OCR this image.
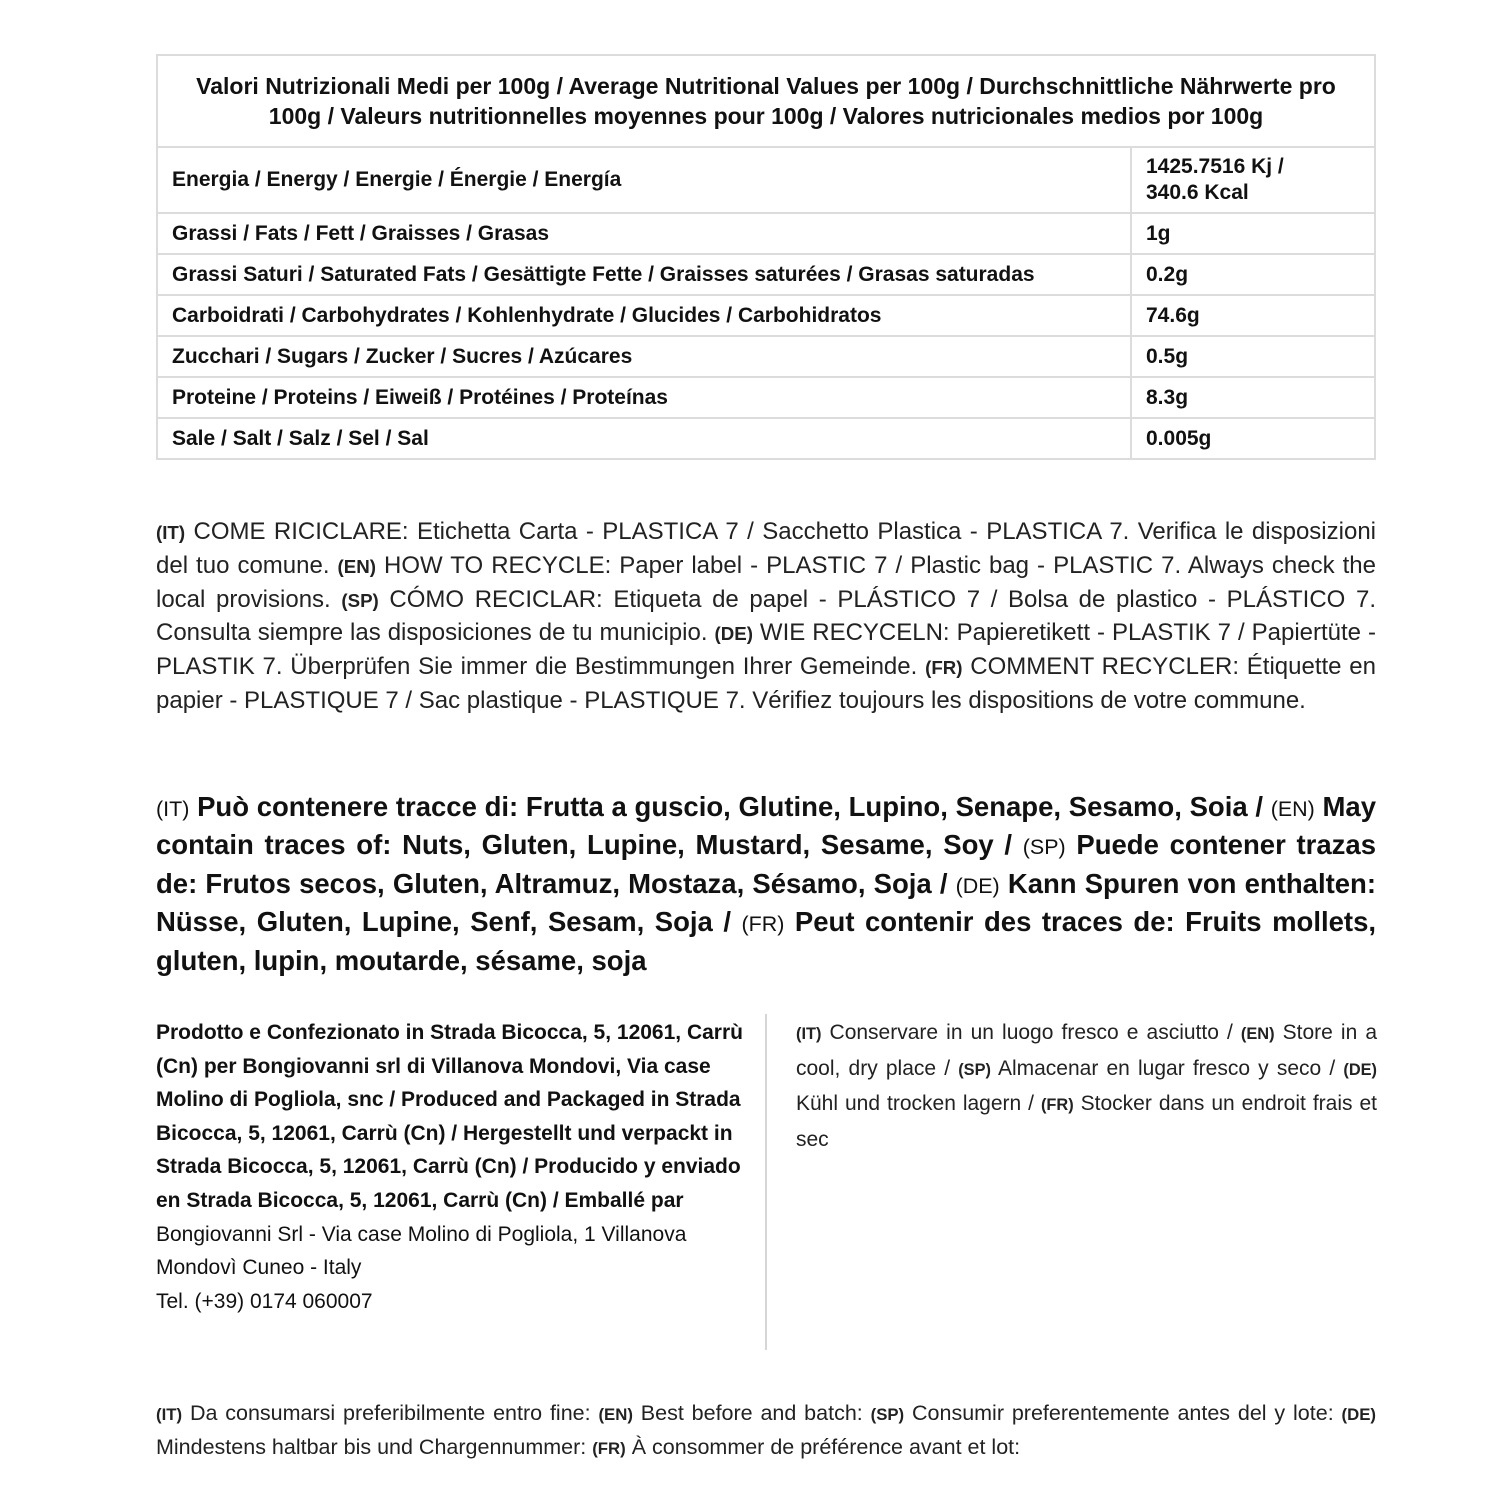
Valori Nutrizionali Medi per 100g / Average Nutritional Values per 100g / Durchschnittliche Nährwerte pro 100g / Valeurs nutritionnelles moyennes pour 100g / Valores nutricionales medios por 100g	
Energia / Energy / Energie / Énergie / Energía	1425.7516 Kj /
340.6 Kcal
Grassi / Fats / Fett / Graisses / Grasas	1g
Grassi Saturi / Saturated Fats / Gesättigte Fette / Graisses saturées / Grasas saturadas	0.2g
Carboidrati / Carbohydrates / Kohlenhydrate / Glucides / Carbohidratos	74.6g
Zucchari / Sugars / Zucker / Sucres / Azúcares	0.5g
Proteine / Proteins / Eiweiß / Protéines / Proteínas	8.3g
Sale / Salt / Salz / Sel / Sal	0.005g

(IT) COME RICICLARE: Etichetta Carta - PLASTICA 7 / Sacchetto Plastica - PLASTICA 7. Verifica le disposizioni del tuo comune. (EN) HOW TO RECYCLE: Paper label - PLASTIC 7 / Plastic bag - PLASTIC 7. Always check the local provisions. (SP) CÓMO RECICLAR: Etiqueta de papel - PLÁSTICO 7 / Bolsa de plastico - PLÁSTICO 7. Consulta siempre las disposiciones de tu municipio. (DE) WIE RECYCELN: Papieretikett - PLASTIK 7 / Papiertüte - PLASTIK 7. Überprüfen Sie immer die Bestimmungen Ihrer Gemeinde. (FR) COMMENT RECYCLER: Étiquette en papier - PLASTIQUE 7 / Sac plastique - PLASTIQUE 7. Vérifiez toujours les dispositions de votre commune.

(IT) Può contenere tracce di: Frutta a guscio, Glutine, Lupino, Senape, Sesamo, Soia / (EN) May contain traces of: Nuts, Gluten, Lupine, Mustard, Sesame, Soy / (SP) Puede contener trazas de: Frutos secos, Gluten, Altramuz, Mostaza, Sésamo, Soja / (DE) Kann Spuren von enthalten: Nüsse, Gluten, Lupine, Senf, Sesam, Soja / (FR) Peut contenir des traces de: Fruits mollets, gluten, lupin, moutarde, sésame, soja

Prodotto e Confezionato in Strada Bicocca, 5, 12061, Carrù (Cn) per Bongiovanni srl di Villanova Mondovi, Via case Molino di Pogliola, snc / Produced and Packaged in Strada Bicocca, 5, 12061, Carrù (Cn) / Hergestellt und verpackt in Strada Bicocca, 5, 12061, Carrù (Cn) / Producido y enviado en Strada Bicocca, 5, 12061, Carrù (Cn) / Emballé par
Bongiovanni Srl - Via case Molino di Pogliola, 1 Villanova
Mondovì Cuneo - Italy
Tel. (+39) 0174 060007
(IT) Conservare in un luogo fresco e asciutto / (EN) Store in a cool, dry place / (SP) Almacenar en lugar fresco y seco / (DE) Kühl und trocken lagern / (FR) Stocker dans un endroit frais et sec

(IT) Da consumarsi preferibilmente entro fine: (EN) Best before and batch: (SP) Consumir preferentemente antes del y lote: (DE) Mindestens haltbar bis und Chargennummer: (FR) À consommer de préférence avant et lot:
